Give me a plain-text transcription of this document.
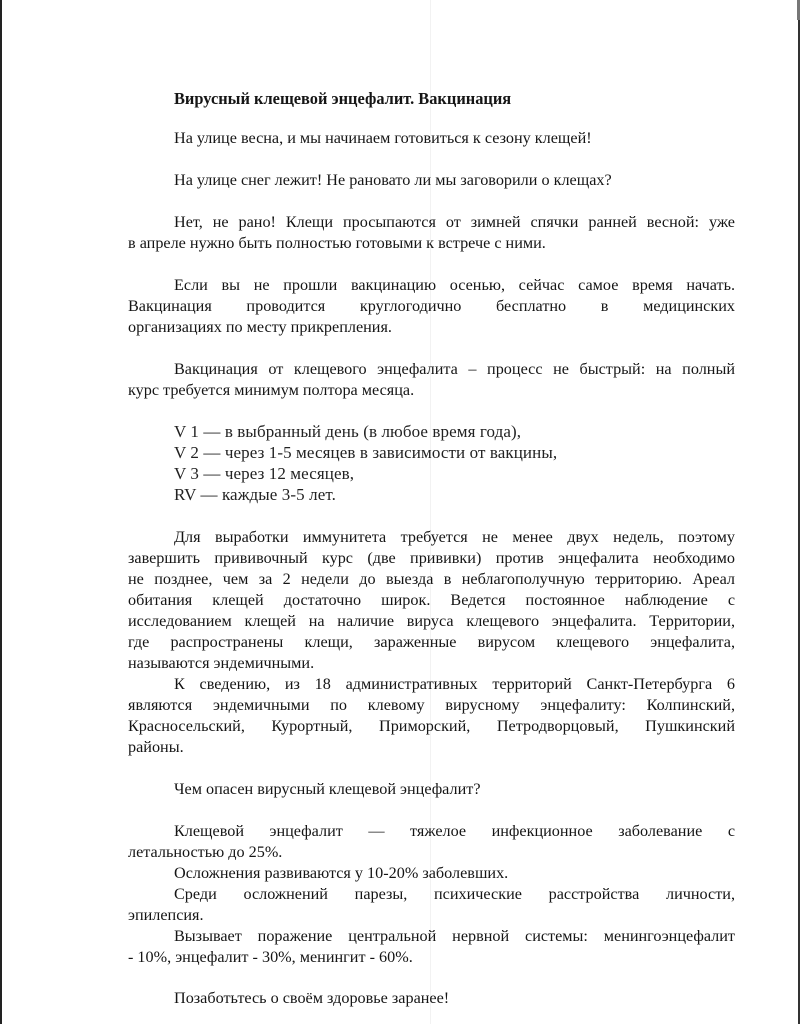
Вирусный клещевой энцефалит. Вакцинация
На улице весна, и мы начинаем готовиться к сезону клещей!
На улице снег лежит! Не рановато ли мы заговорили о клещах?
Нет, не рано! Клещи просыпаются от зимней спячки ранней весной: уже
в апреле нужно быть полностью готовыми к встрече с ними.
Если вы не прошли вакцинацию осенью, сейчас самое время начать.
Вакцинация проводится круглогодично бесплатно в медицинских
организациях по месту прикрепления.
Вакцинация от клещевого энцефалита – процесс не быстрый: на полный
курс требуется минимум полтора месяца.
V 1 — в выбранный день (в любое время года),
V 2 — через 1-5 месяцев в зависимости от вакцины,
V 3 — через 12 месяцев,
RV — каждые 3-5 лет.
Для выработки иммунитета требуется не менее двух недель, поэтому
завершить прививочный курс (две прививки) против энцефалита необходимо
не позднее, чем за 2 недели до выезда в неблагополучную территорию. Ареал
обитания клещей достаточно широк. Ведется постоянное наблюдение с
исследованием клещей на наличие вируса клещевого энцефалита. Территории,
где распространены клещи, зараженные вирусом клещевого энцефалита,
называются эндемичными.
К сведению, из 18 административных территорий Санкт-Петербурга 6
являются эндемичными по клевому вирусному энцефалиту: Колпинский,
Красносельский, Курортный, Приморский, Петродворцовый, Пушкинский
районы.
Чем опасен вирусный клещевой энцефалит?
Клещевой энцефалит — тяжелое инфекционное заболевание с
летальностью до 25%.
Осложнения развиваются у 10-20% заболевших.
Среди осложнений парезы, психические расстройства личности,
эпилепсия.
Вызывает поражение центральной нервной системы: менингоэнцефалит
- 10%, энцефалит - 30%, менингит - 60%.
Позаботьтесь о своём здоровье заранее!
